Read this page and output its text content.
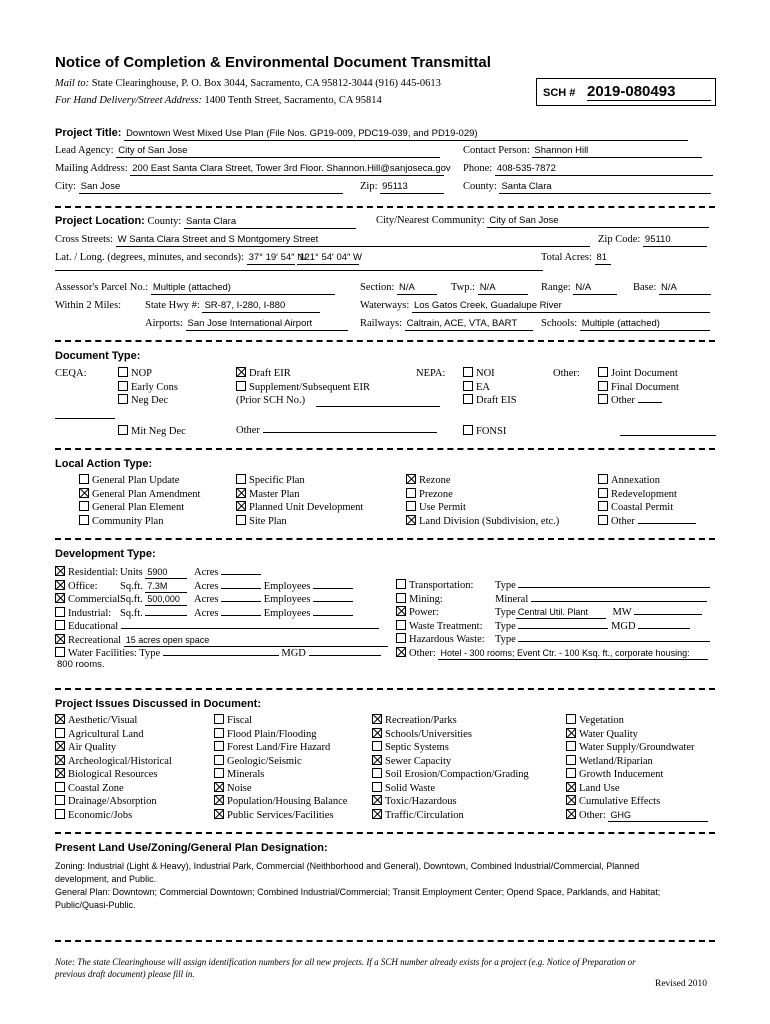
Notice of Completion & Environmental Document Transmittal
Mail to: State Clearinghouse, P. O. Box 3044, Sacramento, CA 95812-3044 (916) 445-0613
For Hand Delivery/Street Address: 1400 Tenth Street, Sacramento, CA 95814
SCH # 2019-080493
Project Title: Downtown West Mixed Use Plan (File Nos. GP19-009, PDC19-039, and PD19-029)
Lead Agency: City of San Jose	Contact Person: Shannon Hill
Mailing Address: 200 East Santa Clara Street, Tower 3rd Floor. Shannon.Hill@sanjoseca.gov Phone: 408-535-7872
City: San Jose	Zip: 95113	County: Santa Clara
Project Location: County: Santa Clara	City/Nearest Community: City of San Jose
Cross Streets: W Santa Clara Street and S Montgomery Street	Zip Code: 95110
Lat. / Long. (degrees, minutes, and seconds): 37° 19′ 54″ N/ 121° 54′ 04″ W	Total Acres: 81
Assessor's Parcel No.: Multiple (attached)	Section: N/A	Twp.: N/A	Range: N/A	Base: N/A
Within 2 Miles: State Hwy #: SR-87, I-280, I-880	Waterways: Los Gatos Creek, Guadalupe River
Airports: San Jose International Airport	Railways: Caltrain, ACE, VTA, BART	Schools: Multiple (attached)
Document Type:
CEQA:	NOP
Early Cons
Neg Dec
Draft EIR
Supplement/Subsequent EIR
(Prior SCH No.)
NEPA:	NOI
EA
Draft EIS
Other:	Joint Document
Final Document
Other
Mit Neg Dec	Other	FONSI
Local Action Type:
General Plan Update
General Plan Amendment
General Plan Element
Community Plan
Specific Plan
Master Plan
Planned Unit Development
Site Plan
Rezone
Prezone
Use Permit
Land Division (Subdivision, etc.)
Annexation
Redevelopment
Coastal Permit
Other
Development Type:
Residential: Units 5900	Acres
Office: Sq.ft. 7.3M	Acres	Employees
Commercial:Sq.ft. 500,000 Acres	Employees
Industrial: Sq.ft.	Acres	Employees
Educational
Recreational 15 acres open space
Water Facilities: Type	MGD
800 rooms.
Transportation: Type
Mining:	Mineral
Power:	Type Central Util. Plant MW
Waste Treatment: Type	MGD
Hazardous Waste: Type
Other: Hotel - 300 rooms; Event Ctr. - 100 Ksq. ft., corporate housing:
Project Issues Discussed in Document:
Aesthetic/Visual
Agricultural Land
Air Quality
Archeological/Historical
Biological Resources
Coastal Zone
Drainage/Absorption
Economic/Jobs
Fiscal
Flood Plain/Flooding
Forest Land/Fire Hazard
Geologic/Seismic
Minerals
Noise
Population/Housing Balance
Public Services/Facilities
Recreation/Parks
Schools/Universities
Septic Systems
Sewer Capacity
Soil Erosion/Compaction/Grading
Solid Waste
Toxic/Hazardous
Traffic/Circulation
Vegetation
Water Quality
Water Supply/Groundwater
Wetland/Riparian
Growth Inducement
Land Use
Cumulative Effects
Other: GHG
Present Land Use/Zoning/General Plan Designation:
Zoning: Industrial (Light & Heavy), Industrial Park, Commercial (Neithborhood and General), Downtown, Combined Industrial/Commercial, Planned
development, and Public.
General Plan: Downtown; Commercial Downtown; Combined Industrial/Commercial; Transit Employment Center; Opend Space, Parklands, and Habitat;
Public/Quasi-Public.
Note: The state Clearinghouse will assign identification numbers for all new projects. If a SCH number already exists for a project (e.g. Notice of Preparation or
previous draft document) please fill in.
Revised 2010
